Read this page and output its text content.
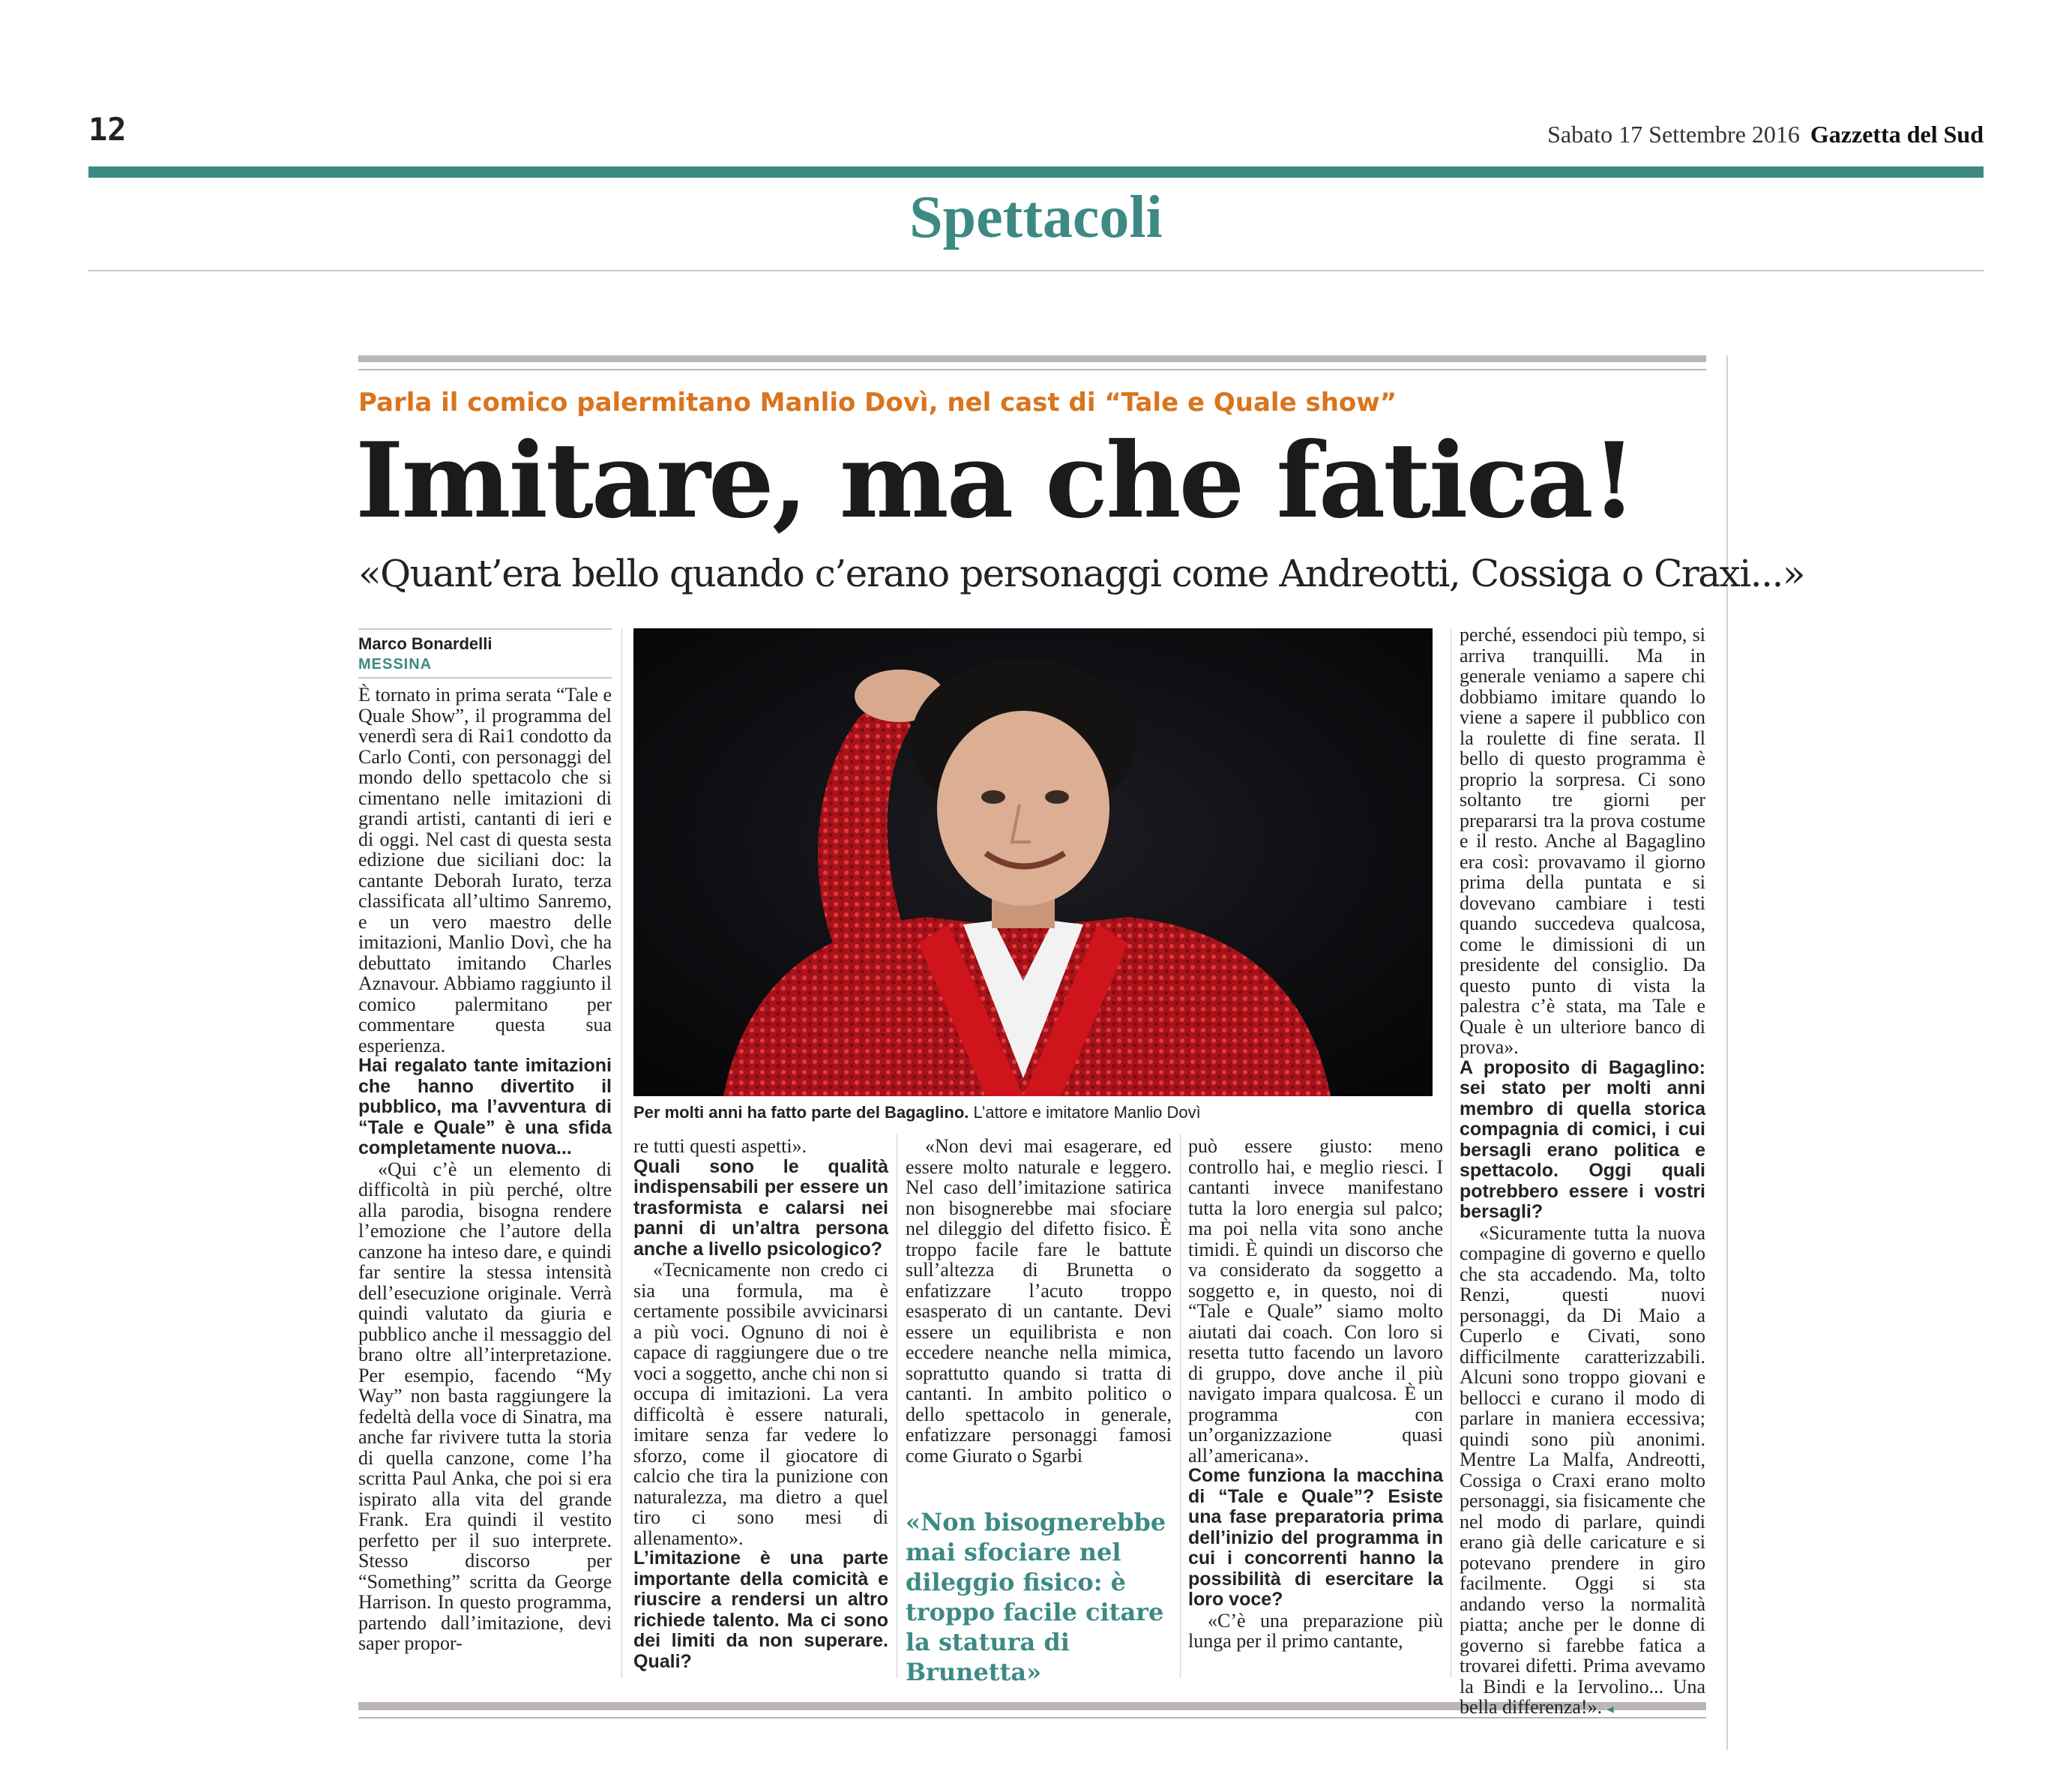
12	Sabato 17 Settembre 2016 Gazzetta del Sud
Spettacoli
Parla il comico palermitano Manlio Dovì, nel cast di “Tale e Quale show”
Imitare, ma che fatica!
«Quant’era bello quando c’erano personaggi come Andreotti, Cossiga o Craxi...»
Marco Bonardelli
MESSINA

È tornato in prima serata “Tale e Quale Show”, il programma del venerdì sera di Rai1 condotto da Carlo Conti, con personaggi del mondo dello spettacolo che si cimentano nelle imitazioni di grandi artisti, cantanti di ieri e di oggi. Nel cast di questa sesta edizione due siciliani doc: la cantante Deborah Iurato, terza classificata all’ultimo Sanremo, e un vero maestro delle imitazioni, Manlio Dovì, che ha debuttato imitando Charles Aznavour. Abbiamo raggiunto il comico palermitano per commentare questa sua esperienza.

Hai regalato tante imitazioni che hanno divertito il pubblico, ma l’avventura di “Tale e Quale” è una sfida completamente nuova...

«Qui c’è un elemento di difficoltà in più perché, oltre alla parodia, bisogna rendere l’emozione che l’autore della canzone ha inteso dare, e quindi far sentire la stessa intensità dell’esecuzione originale. Verrà quindi valutato da giuria e pubblico anche il messaggio del brano oltre all’interpretazione. Per esempio, facendo “My Way” non basta raggiungere la fedeltà della voce di Sinatra, ma anche far rivivere tutta la storia di quella canzone, come l’ha scritta Paul Anka, che poi si era ispirato alla vita del grande Frank. Era quindi il vestito perfetto per il suo interprete. Stesso discorso per “Something” scritta da George Harrison. In questo programma, partendo dall’imitazione, devi saper propor-

Per molti anni ha fatto parte del Bagaglino. L’attore e imitatore Manlio Dovì

re tutti questi aspetti».

Quali sono le qualità indispensabili per essere un trasformista e calarsi nei panni di un’altra persona anche a livello psicologico?

«Tecnicamente non credo ci sia una formula, ma è certamente possibile avvicinarsi a più voci. Ognuno di noi è capace di raggiungere due o tre voci a soggetto, anche chi non si occupa di imitazioni. La vera difficoltà è essere naturali, imitare senza far vedere lo sforzo, come il giocatore di calcio che tira la punizione con naturalezza, ma dietro a quel tiro ci sono mesi di allenamento».

L’imitazione è una parte importante della comicità e riuscire a rendersi un altro richiede talento. Ma ci sono dei limiti da non superare. Quali?

«Non devi mai esagerare, ed essere molto naturale e leggero. Nel caso dell’imitazione satirica non bisognerebbe mai sfociare nel dileggio del difetto fisico. È troppo facile fare le battute sull’altezza di Brunetta o enfatizzare l’acuto troppo esasperato di un cantante. Devi essere un equilibrista e non eccedere neanche nella mimica, soprattutto quando si tratta di cantanti. In ambito politico o dello spettacolo in generale, enfatizzare personaggi famosi come Giurato o Sgarbi

«Non bisognerebbe mai sfociare nel dileggio fisico: è troppo facile citare la statura di Brunetta»

può essere giusto: meno controllo hai, e meglio riesci. I cantanti invece manifestano tutta la loro energia sul palco; ma poi nella vita sono anche timidi. È quindi un discorso che va considerato da soggetto a soggetto e, in questo, noi di “Tale e Quale” siamo molto aiutati dai coach. Con loro si resetta tutto facendo un lavoro di gruppo, dove anche il più navigato impara qualcosa. È un programma con un’organizzazione quasi all’americana».

Come funziona la macchina di “Tale e Quale”? Esiste una fase preparatoria prima dell’inizio del programma in cui i concorrenti hanno la possibilità di esercitare la loro voce?

«C’è una preparazione più lunga per il primo cantante,

perché, essendoci più tempo, si arriva tranquilli. Ma in generale veniamo a sapere chi dobbiamo imitare quando lo viene a sapere il pubblico con la roulette di fine serata. Il bello di questo programma è proprio la sorpresa. Ci sono soltanto tre giorni per prepararsi tra la prova costume e il resto. Anche al Bagaglino era così: provavamo il giorno prima della puntata e si dovevano cambiare i testi quando succedeva qualcosa, come le dimissioni di un presidente del consiglio. Da questo punto di vista la palestra c’è stata, ma Tale e Quale è un ulteriore banco di prova».

A proposito di Bagaglino: sei stato per molti anni membro di quella storica compagnia di comici, i cui bersagli erano politica e spettacolo. Oggi quali potrebbero essere i vostri bersagli?

«Sicuramente tutta la nuova compagine di governo e quello che sta accadendo. Ma, tolto Renzi, questi nuovi personaggi, da Di Maio a Cuperlo e Civati, sono difficilmente caratterizzabili. Alcuni sono troppo giovani e bellocci e curano il modo di parlare in maniera eccessiva; quindi sono più anonimi. Mentre La Malfa, Andreotti, Cossiga o Craxi erano molto personaggi, sia fisicamente che nel modo di parlare, quindi erano già delle caricature e si potevano prendere in giro facilmente. Oggi si sta andando verso la normalità piatta; anche per le donne di governo si farebbe fatica a trovarei difetti. Prima avevamo la Bindi e la Iervolino... Una bella differenza!». ◂
